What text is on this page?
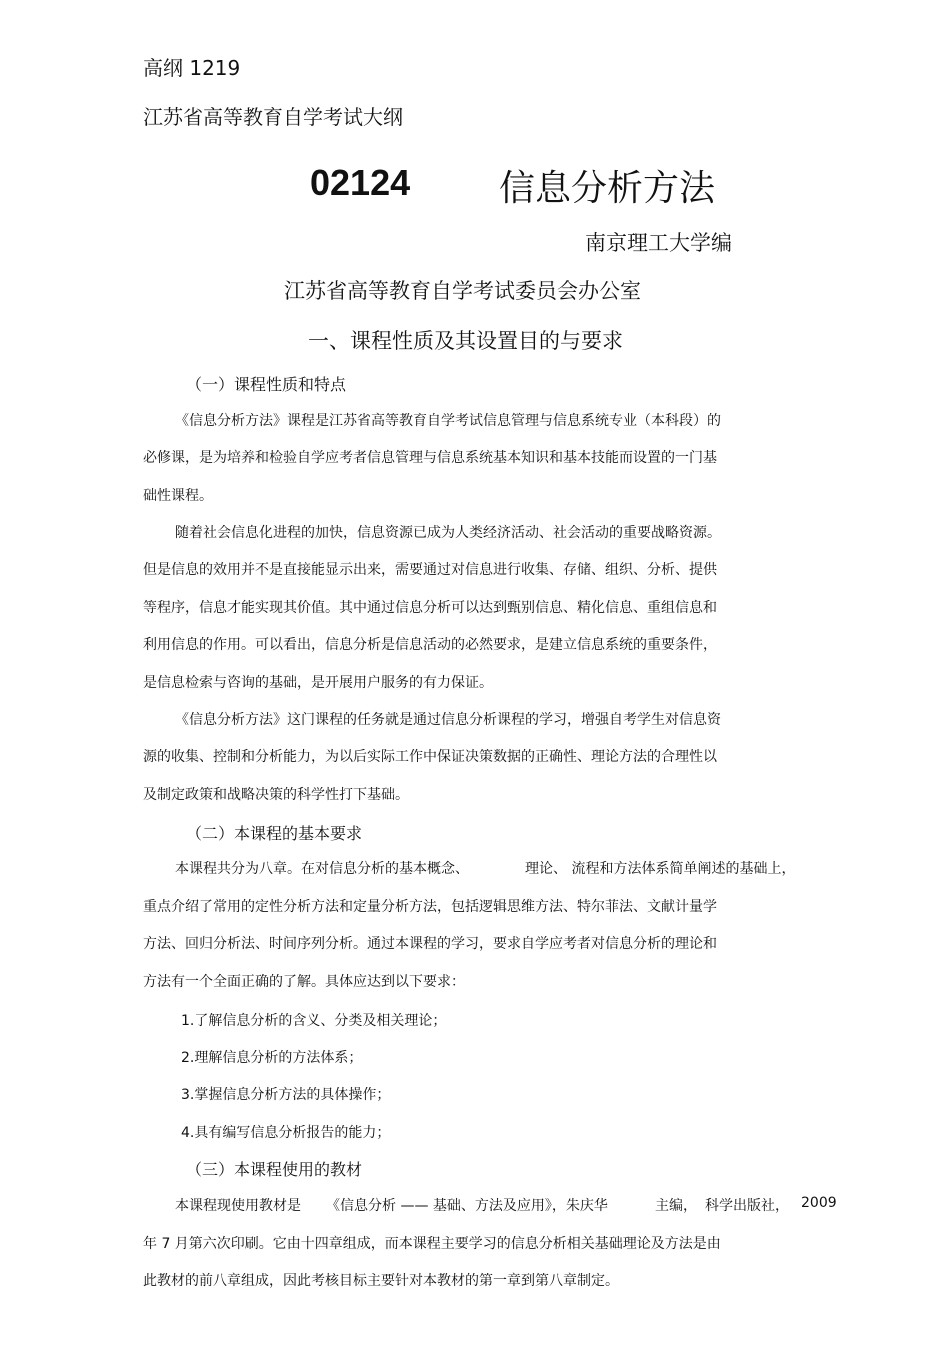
高纲 1219
江苏省高等教育自学考试大纲
02124 信息分析方法
南京理工大学编
江苏省高等教育自学考试委员会办公室
一、课程性质及其设置目的与要求
（一）课程性质和特点
《信息分析方法》课程是江苏省高等教育自学考试信息管理与信息系统专业（本科段）的
必修课，是为培养和检验自学应考者信息管理与信息系统基本知识和基本技能而设置的一门基
础性课程。
随着社会信息化进程的加快，信息资源已成为人类经济活动、社会活动的重要战略资源。
但是信息的效用并不是直接能显示出来，需要通过对信息进行收集、存储、组织、分析、提供
等程序，信息才能实现其价值。其中通过信息分析可以达到甄别信息、精化信息、重组信息和
利用信息的作用。可以看出，信息分析是信息活动的必然要求，是建立信息系统的重要条件，
是信息检索与咨询的基础，是开展用户服务的有力保证。
《信息分析方法》这门课程的任务就是通过信息分析课程的学习，增强自考学生对信息资
源的收集、控制和分析能力，为以后实际工作中保证决策数据的正确性、理论方法的合理性以
及制定政策和战略决策的科学性打下基础。
（二）本课程的基本要求
本课程共分为八章。在对信息分析的基本概念、	理论、 流程和方法体系简单阐述的基础上，
重点介绍了常用的定性分析方法和定量分析方法，包括逻辑思维方法、特尔菲法、文献计量学
方法、回归分析法、时间序列分析。通过本课程的学习，要求自学应考者对信息分析的理论和
方法有一个全面正确的了解。具体应达到以下要求：
1.了解信息分析的含义、分类及相关理论；
2.理解信息分析的方法体系；
3.掌握信息分析方法的具体操作；
4.具有编写信息分析报告的能力；
（三）本课程使用的教材
本课程现使用教材是 《信息分析 —— 基础、方法及应用》，朱庆华	主编， 科学出版社， 2009
年 7 月第六次印刷。它由十四章组成，而本课程主要学习的信息分析相关基础理论及方法是由
此教材的前八章组成，因此考核目标主要针对本教材的第一章到第八章制定。
